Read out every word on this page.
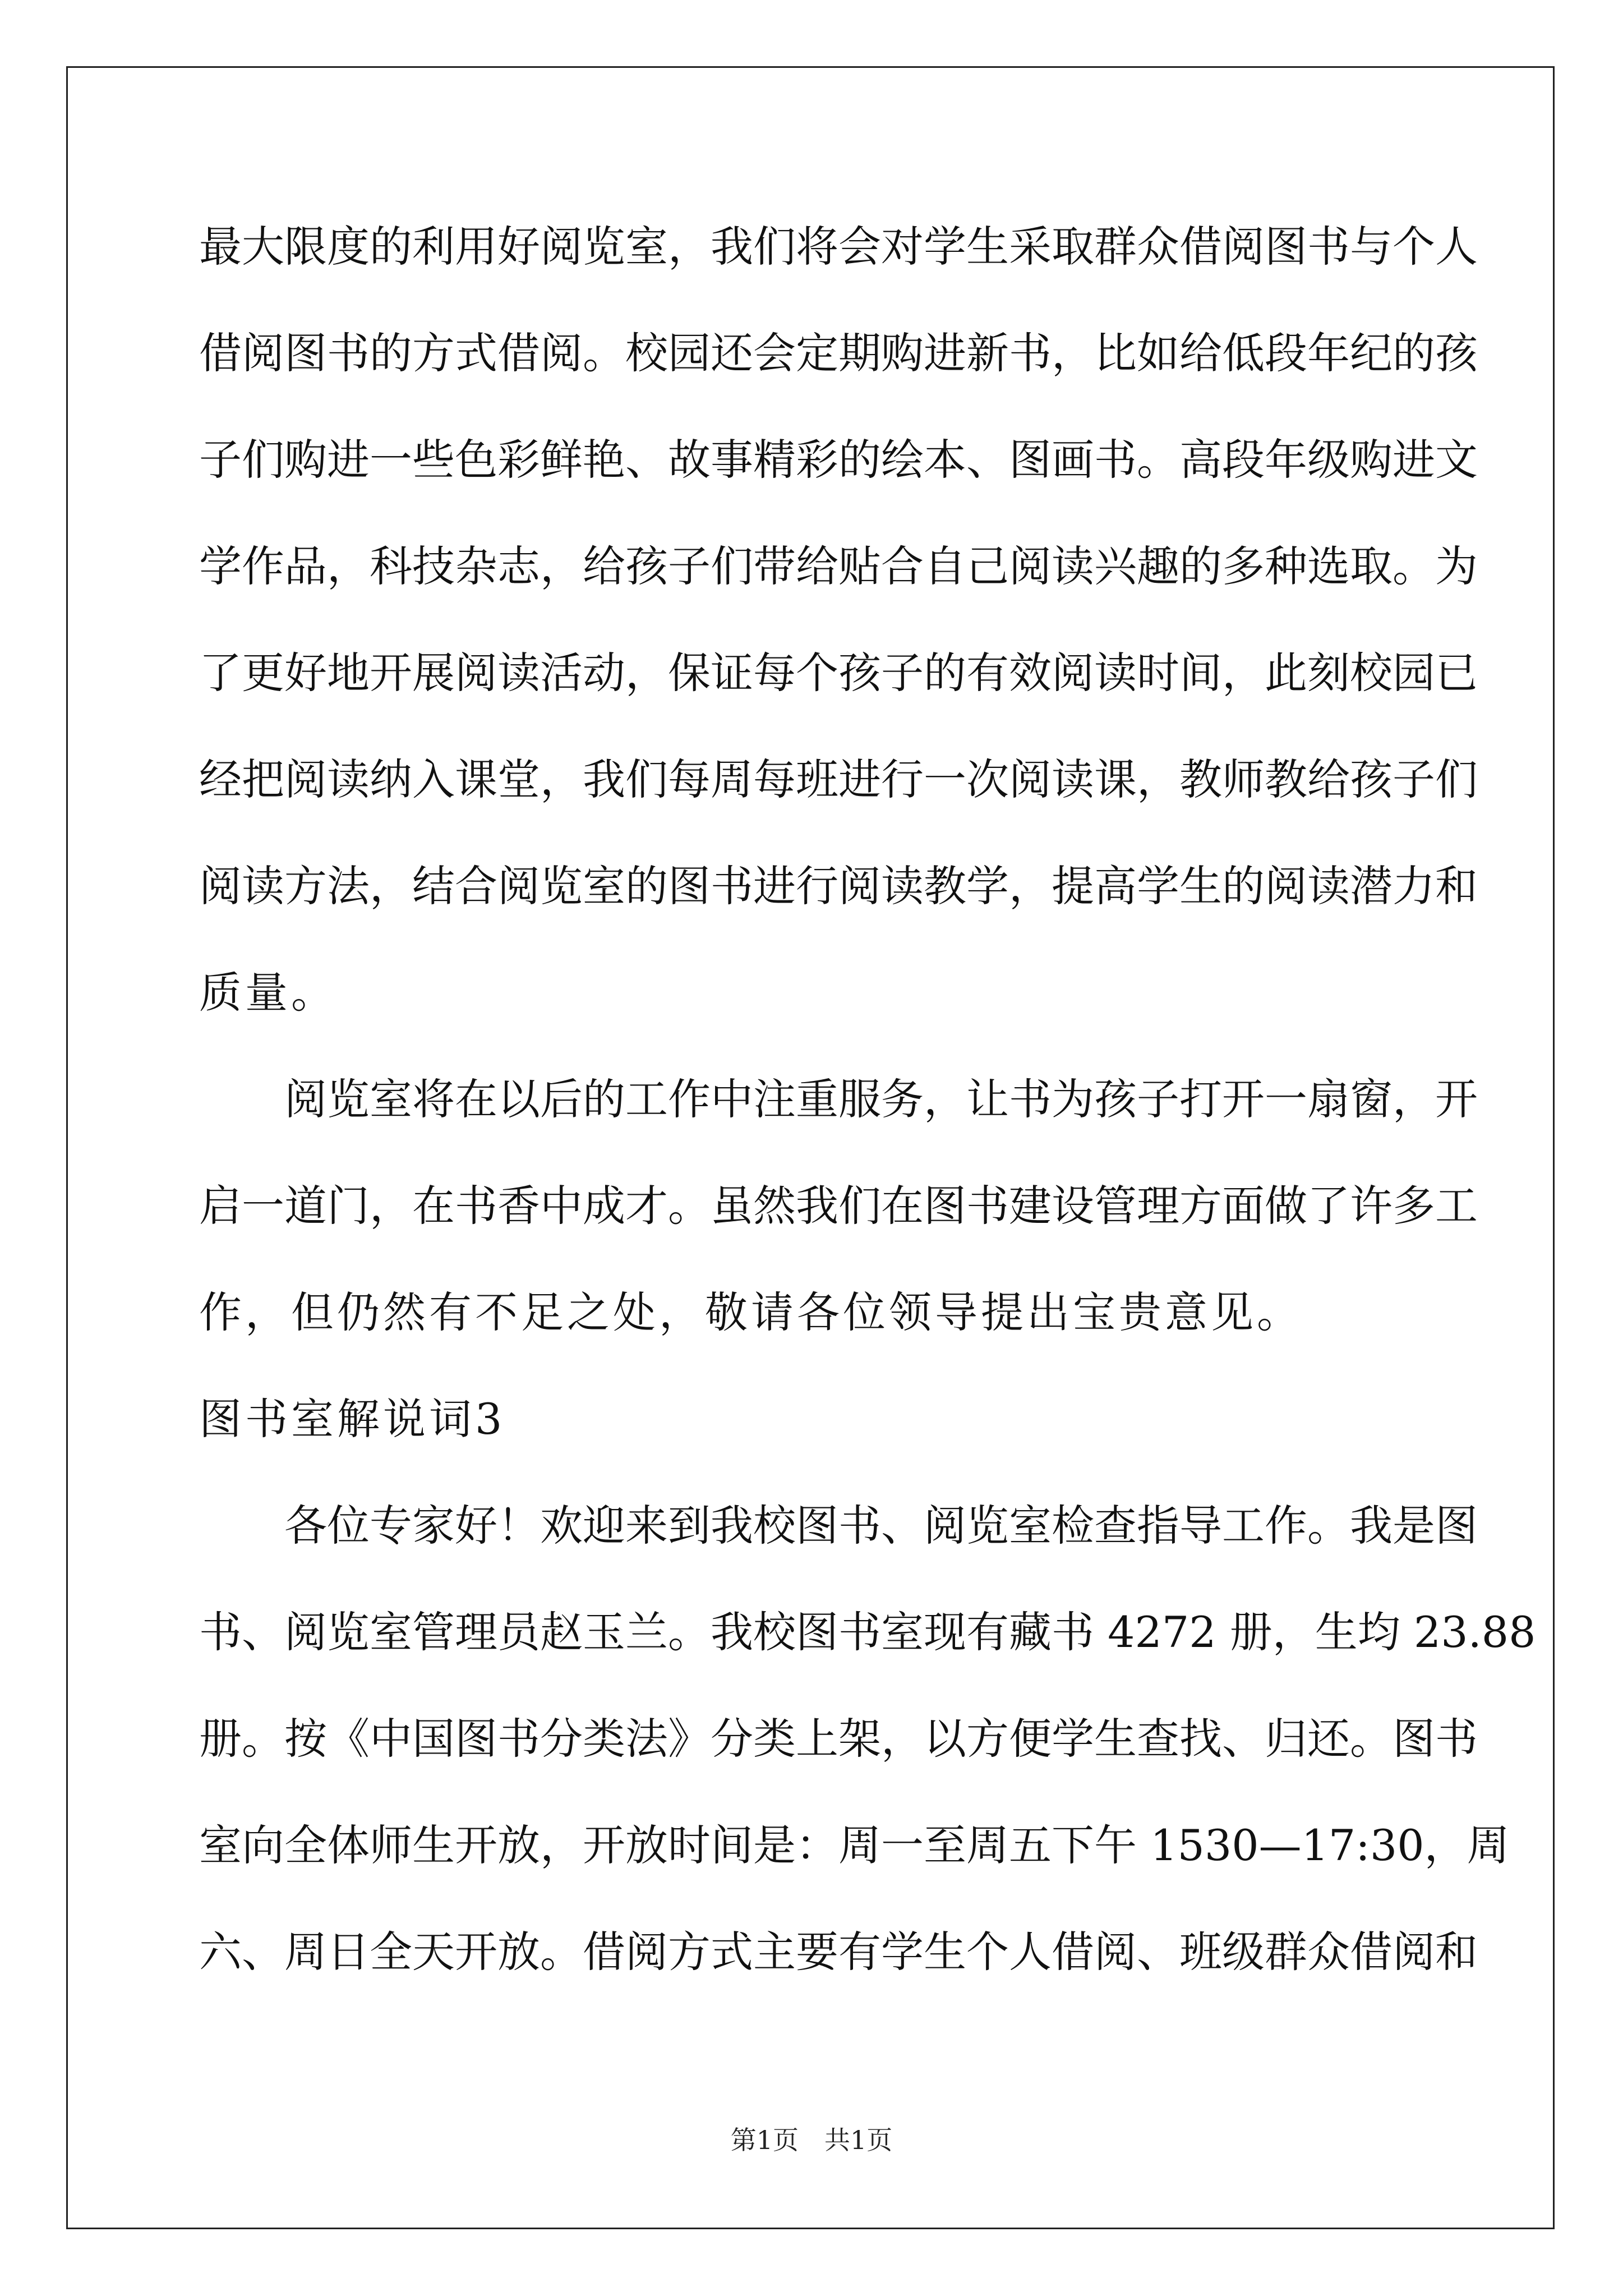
最大限度的利用好阅览室，我们将会对学生采取群众借阅图书与个人
借阅图书的方式借阅。校园还会定期购进新书，比如给低段年纪的孩
子们购进一些色彩鲜艳、故事精彩的绘本、图画书。高段年级购进文
学作品，科技杂志，给孩子们带给贴合自己阅读兴趣的多种选取。为
了更好地开展阅读活动，保证每个孩子的有效阅读时间，此刻校园已
经把阅读纳入课堂，我们每周每班进行一次阅读课，教师教给孩子们
阅读方法，结合阅览室的图书进行阅读教学，提高学生的阅读潜力和
质量。
阅览室将在以后的工作中注重服务，让书为孩子打开一扇窗，开
启一道门，在书香中成才。虽然我们在图书建设管理方面做了许多工
作，但仍然有不足之处，敬请各位领导提出宝贵意见。
图书室解说词3
各位专家好！欢迎来到我校图书、阅览室检查指导工作。我是图
书、阅览室管理员赵玉兰。我校图书室现有藏书 4272 册，生均 23.88
册。按《中国图书分类法》分类上架，以方便学生查找、归还。图书
室向全体师生开放，开放时间是：周一至周五下午 1530—17:30，周
六、周日全天开放。借阅方式主要有学生个人借阅、班级群众借阅和
第1页　共1页
